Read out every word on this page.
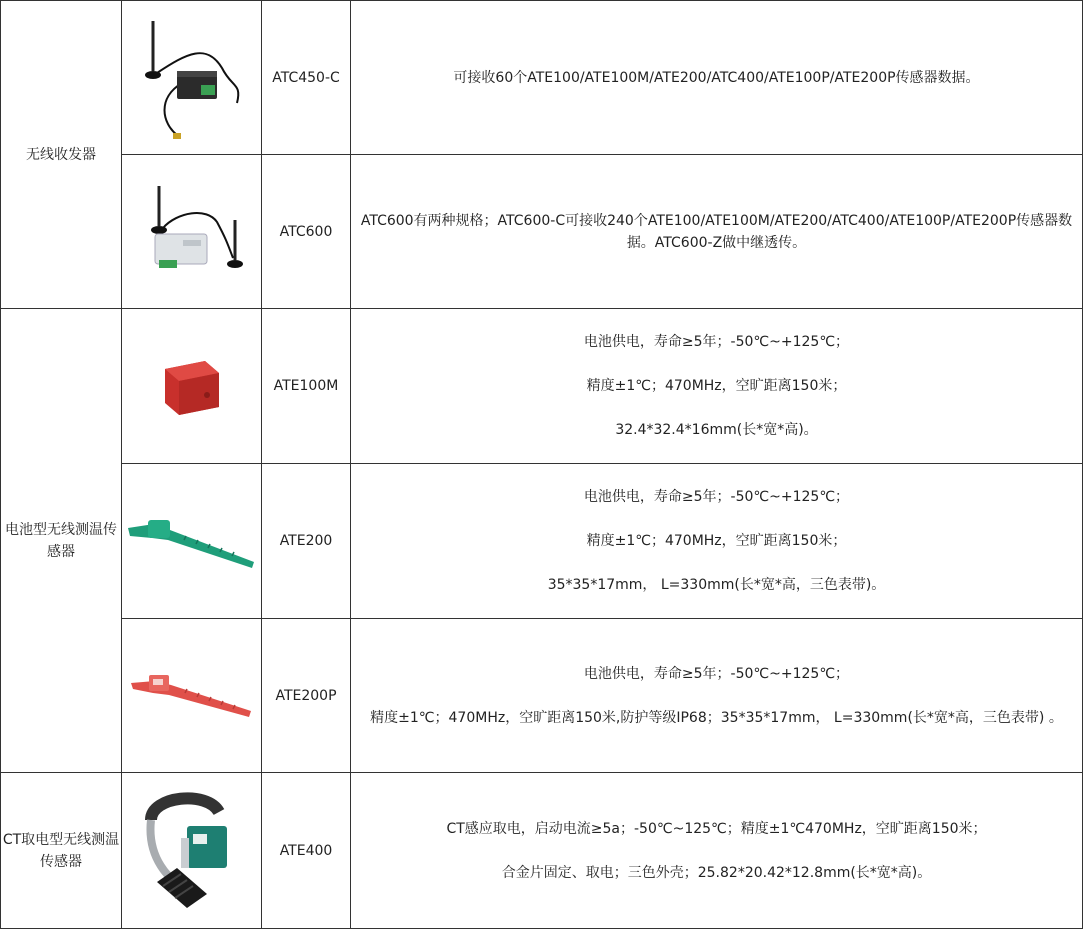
无线收发器		ATC450-C	可接收60个ATE100/ATE100M/ATE200/ATC400/ATE100P/ATE200P传感器数据。

	ATC600	ATC600有两种规格；ATC600-C可接收240个ATE100/ATE100M/ATE200/ATC400/ATE100P/ATE200P传感器数据。ATC600-Z做中继透传。

电池型无线测温传感器		ATE100M	电池供电，寿命≥5年；-50℃~+125℃；

精度±1℃；470MHz，空旷距离150米；

32.4*32.4*16mm(长*宽*高)。

	ATE200	电池供电，寿命≥5年；-50℃~+125℃；

精度±1℃；470MHz，空旷距离150米；

35*35*17mm， L=330mm(长*宽*高，三色表带)。

	ATE200P	电池供电，寿命≥5年；-50℃~+125℃；

精度±1℃；470MHz，空旷距离150米,防护等级IP68；35*35*17mm， L=330mm(长*宽*高，三色表带) 。

CT取电型无线测温传感器		ATE400	CT感应取电，启动电流≥5a；-50℃~125℃；精度±1℃470MHz，空旷距离150米；

合金片固定、取电；三色外壳；25.82*20.42*12.8mm(长*宽*高)。
